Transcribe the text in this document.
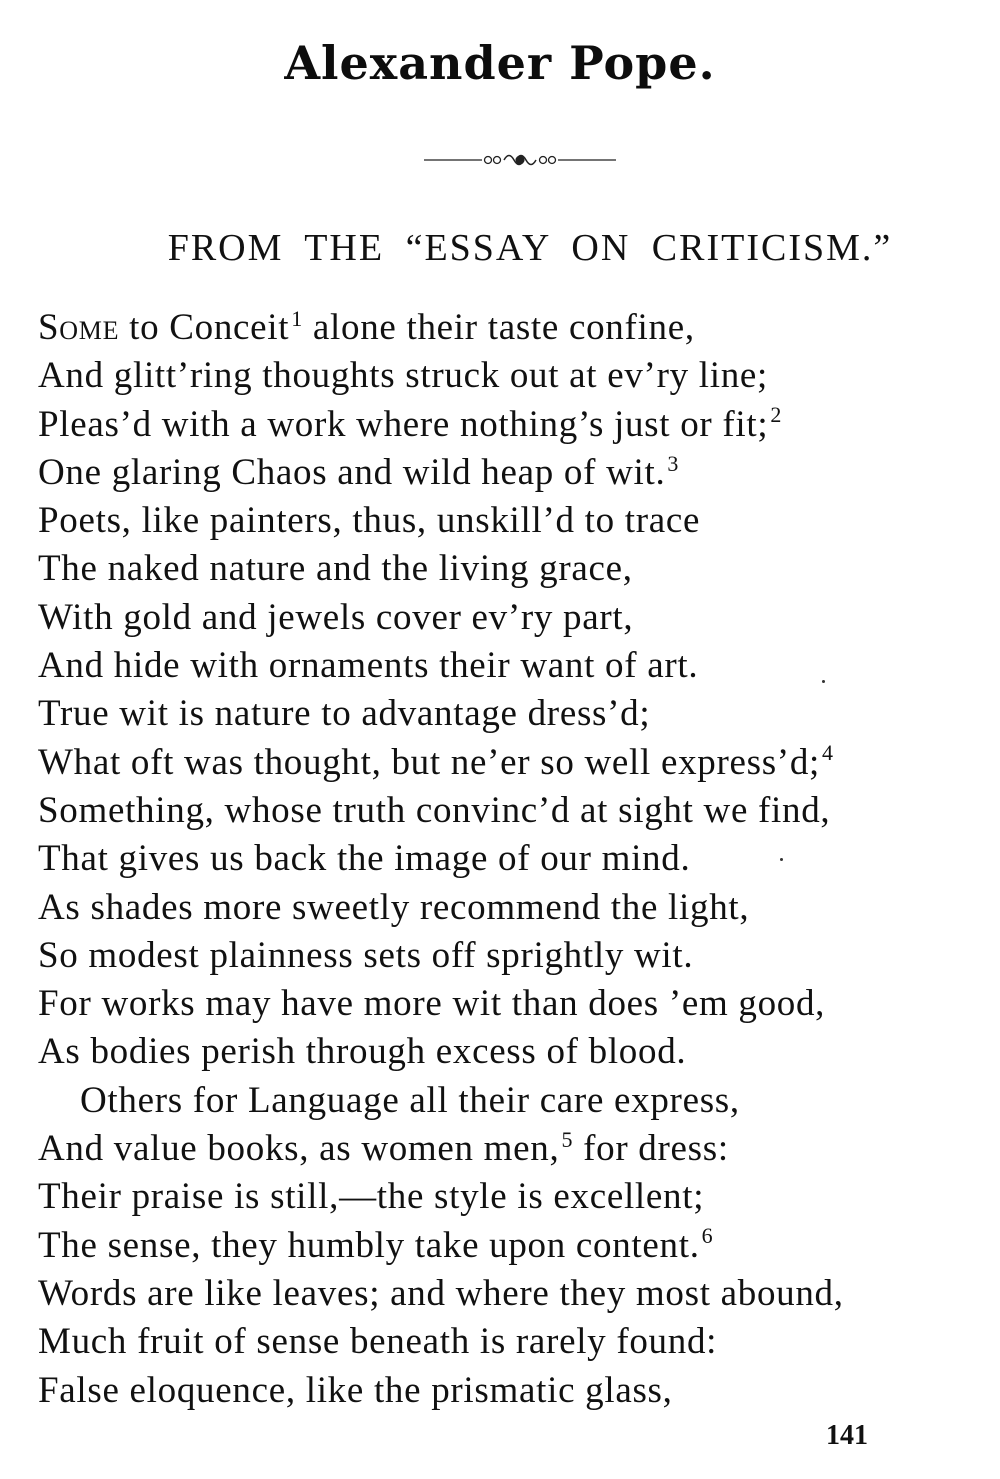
Alexander Pope.
FROM THE “ESSAY ON CRITICISM.”
Some to Conceit$^1$ alone their taste confine,
And glitt’ring thoughts struck out at ev’ry line;
Pleas’d with a work where nothing’s just or fit;$^2$
One glaring Chaos and wild heap of wit.$^3$
Poets, like painters, thus, unskill’d to trace
The naked nature and the living grace,
With gold and jewels cover ev’ry part,
And hide with ornaments their want of art.
True wit is nature to advantage dress’d;
What oft was thought, but ne’er so well express’d;$^4$
Something, whose truth convinc’d at sight we find,
That gives us back the image of our mind.
As shades more sweetly recommend the light,
So modest plainness sets off sprightly wit.
For works may have more wit than does ’em good,
As bodies perish through excess of blood.
Others for Language all their care express,
And value books, as women men,$^5$ for dress:
Their praise is still,—the style is excellent;
The sense, they humbly take upon content.$^6$
Words are like leaves; and where they most abound,
Much fruit of sense beneath is rarely found:
False eloquence, like the prismatic glass,
141
